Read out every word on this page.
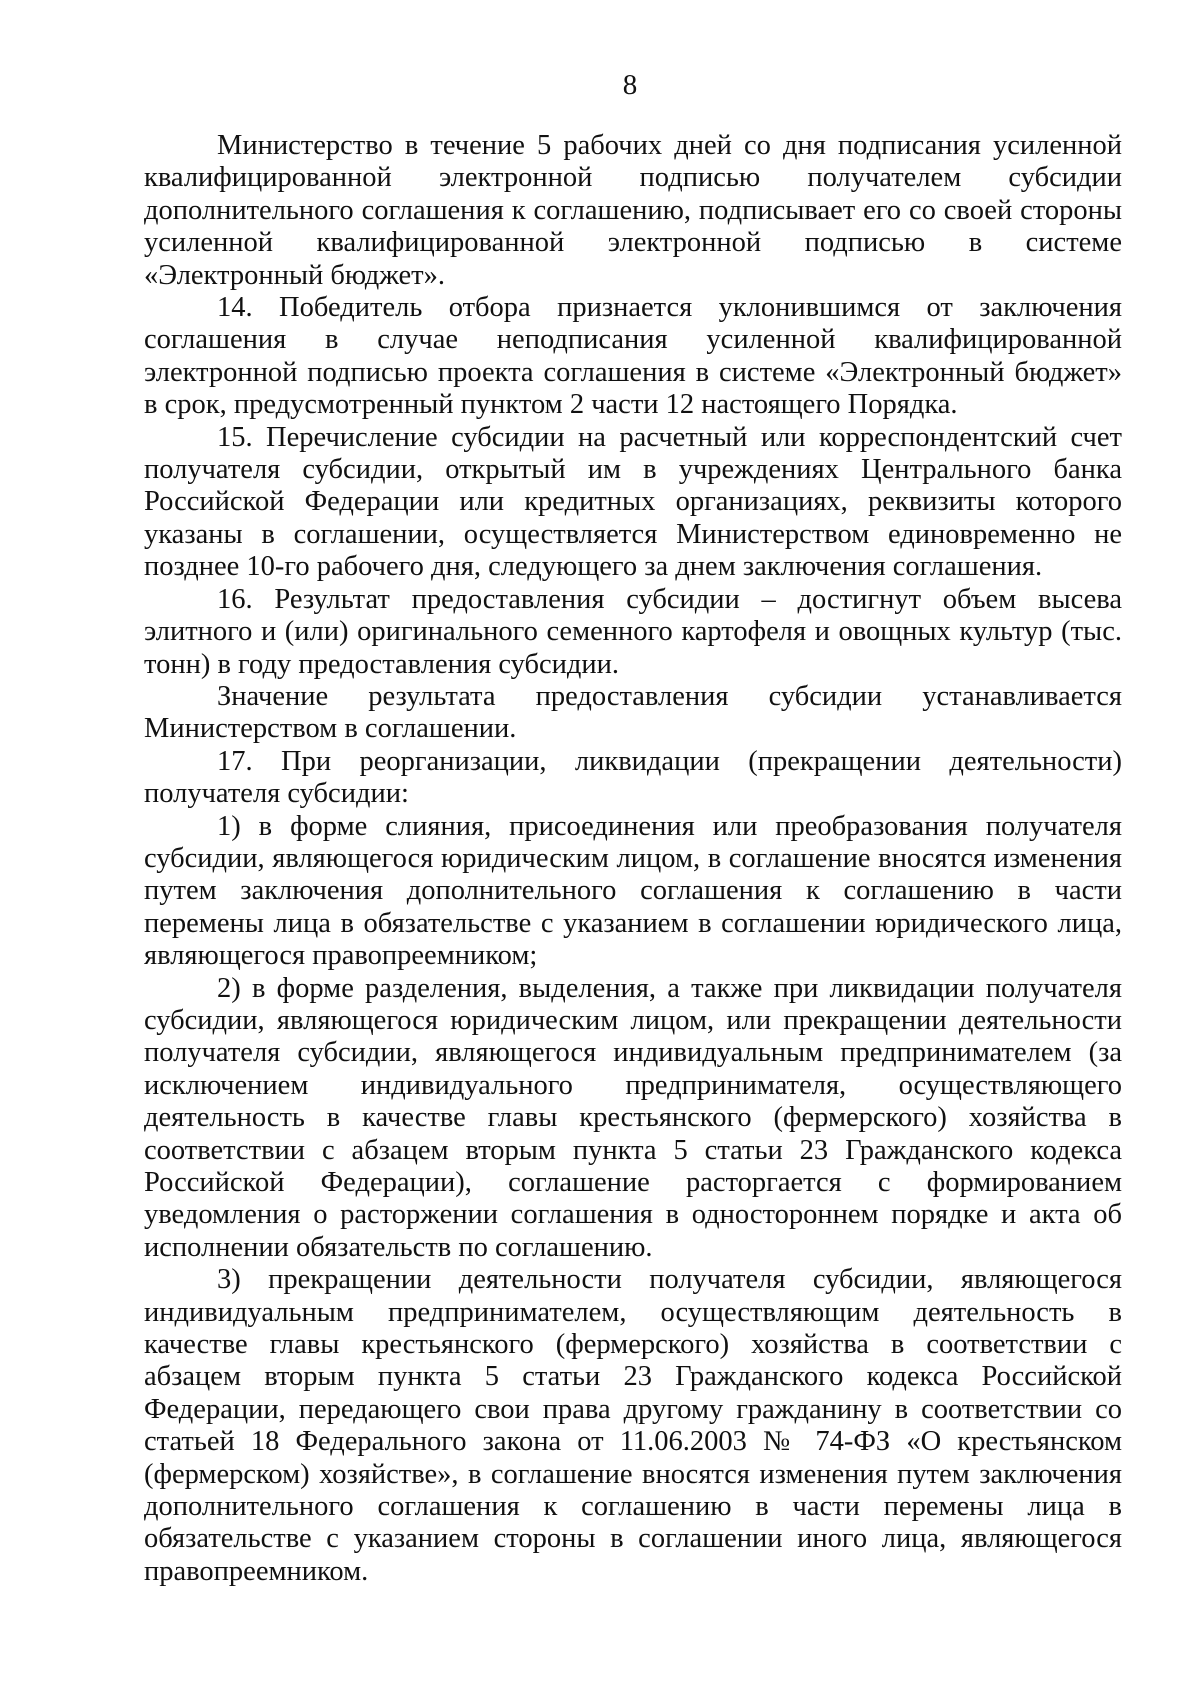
8

Министерство в течение 5 рабочих дней со дня подписания усиленной квалифицированной электронной подписью получателем субсидии дополнительного соглашения к соглашению, подписывает его со своей стороны усиленной квалифицированной электронной подписью в системе «Электронный бюджет».

14. Победитель отбора признается уклонившимся от заключения соглашения в случае неподписания усиленной квалифицированной электронной подписью проекта соглашения в системе «Электронный бюджет» в срок, предусмотренный пунктом 2 части 12 настоящего Порядка.

15. Перечисление субсидии на расчетный или корреспондентский счет получателя субсидии, открытый им в учреждениях Центрального банка Российской Федерации или кредитных организациях, реквизиты которого указаны в соглашении, осуществляется Министерством единовременно не позднее 10-го рабочего дня, следующего за днем заключения соглашения.

16. Результат предоставления субсидии – достигнут объем высева элитного и (или) оригинального семенного картофеля и овощных культур (тыс. тонн) в году предоставления субсидии.

Значение результата предоставления субсидии устанавливается Министерством в соглашении.

17. При реорганизации, ликвидации (прекращении деятельности) получателя субсидии:

1) в форме слияния, присоединения или преобразования получателя субсидии, являющегося юридическим лицом, в соглашение вносятся изменения путем заключения дополнительного соглашения к соглашению в части перемены лица в обязательстве с указанием в соглашении юридического лица, являющегося правопреемником;

2) в форме разделения, выделения, а также при ликвидации получателя субсидии, являющегося юридическим лицом, или прекращении деятельности получателя субсидии, являющегося индивидуальным предпринимателем (за исключением индивидуального предпринимателя, осуществляющего деятельность в качестве главы крестьянского (фермерского) хозяйства в соответствии с абзацем вторым пункта 5 статьи 23 Гражданского кодекса Российской Федерации), соглашение расторгается с формированием уведомления о расторжении соглашения в одностороннем порядке и акта об исполнении обязательств по соглашению.

3) прекращении деятельности получателя субсидии, являющегося индивидуальным предпринимателем, осуществляющим деятельность в качестве главы крестьянского (фермерского) хозяйства в соответствии с абзацем вторым пункта 5 статьи 23 Гражданского кодекса Российской Федерации, передающего свои права другому гражданину в соответствии со статьей 18 Федерального закона от 11.06.2003 № 74-ФЗ «О крестьянском (фермерском) хозяйстве», в соглашение вносятся изменения путем заключения дополнительного соглашения к соглашению в части перемены лица в обязательстве с указанием стороны в соглашении иного лица, являющегося правопреемником.
